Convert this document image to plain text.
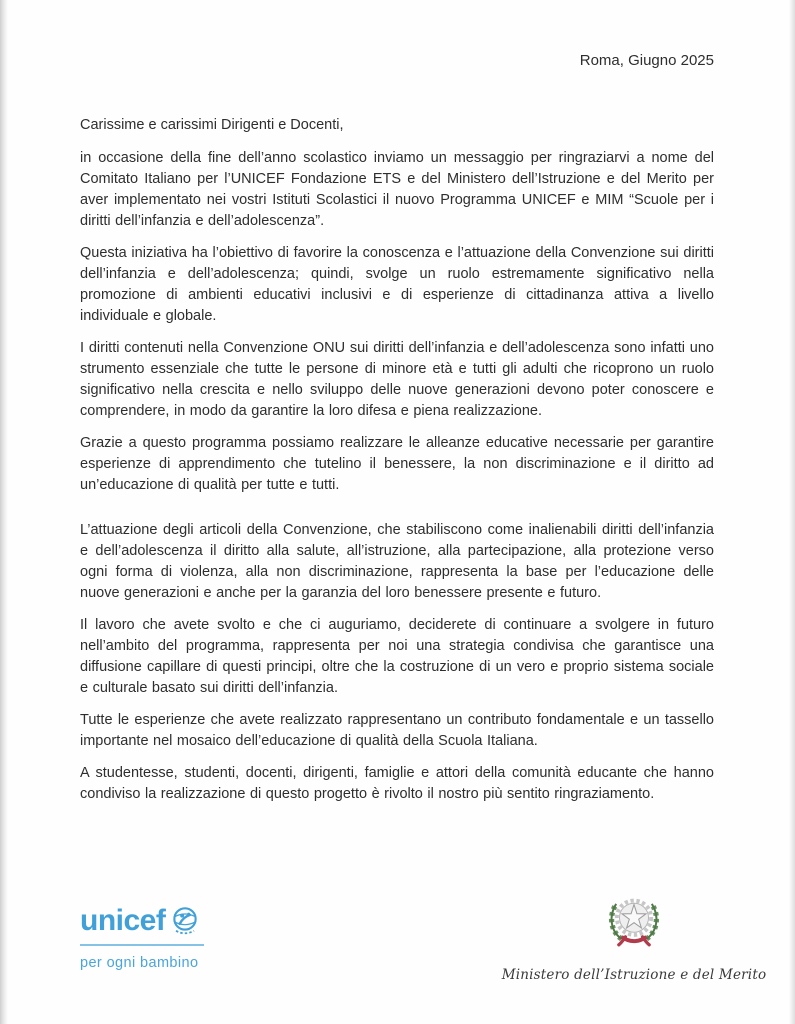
Roma, Giugno 2025
Carissime e carissimi Dirigenti e Docenti,

in occasione della fine dell’anno scolastico inviamo un messaggio per ringraziarvi a nome del Comitato Italiano per l’UNICEF Fondazione ETS e del Ministero dell’Istruzione e del Merito per aver implementato nei vostri Istituti Scolastici il nuovo Programma UNICEF e MIM “Scuole per i diritti dell’infanzia e dell’adolescenza”.

Questa iniziativa ha l’obiettivo di favorire la conoscenza e l’attuazione della Convenzione sui diritti dell’infanzia e dell’adolescenza; quindi, svolge un ruolo estremamente significativo nella promozione di ambienti educativi inclusivi e di esperienze di cittadinanza attiva a livello individuale e globale.

I diritti contenuti nella Convenzione ONU sui diritti dell’infanzia e dell’adolescenza sono infatti uno strumento essenziale che tutte le persone di minore età e tutti gli adulti che ricoprono un ruolo significativo nella crescita e nello sviluppo delle nuove generazioni devono poter conoscere e comprendere, in modo da garantire la loro difesa e piena realizzazione.

Grazie a questo programma possiamo realizzare le alleanze educative necessarie per garantire esperienze di apprendimento che tutelino il benessere, la non discriminazione e il diritto ad un’educazione di qualità per tutte e tutti.

L’attuazione degli articoli della Convenzione, che stabiliscono come inalienabili diritti dell’infanzia e dell’adolescenza il diritto alla salute, all’istruzione, alla partecipazione, alla protezione verso ogni forma di violenza, alla non discriminazione, rappresenta la base per l’educazione delle nuove generazioni e anche per la garanzia del loro benessere presente e futuro.

Il lavoro che avete svolto e che ci auguriamo, deciderete di continuare a svolgere in futuro nell’ambito del programma, rappresenta per noi una strategia condivisa che garantisce una diffusione capillare di questi principi, oltre che la costruzione di un vero e proprio sistema sociale e culturale basato sui diritti dell’infanzia.

Tutte le esperienze che avete realizzato rappresentano un contributo fondamentale e un tassello importante nel mosaico dell’educazione di qualità della Scuola Italiana.

A studentesse, studenti, docenti, dirigenti, famiglie e attori della comunità educante che hanno condiviso la realizzazione di questo progetto è rivolto il nostro più sentito ringraziamento.

unicef
per ogni bambino
Ministero dell’Istruzione e del Merito
